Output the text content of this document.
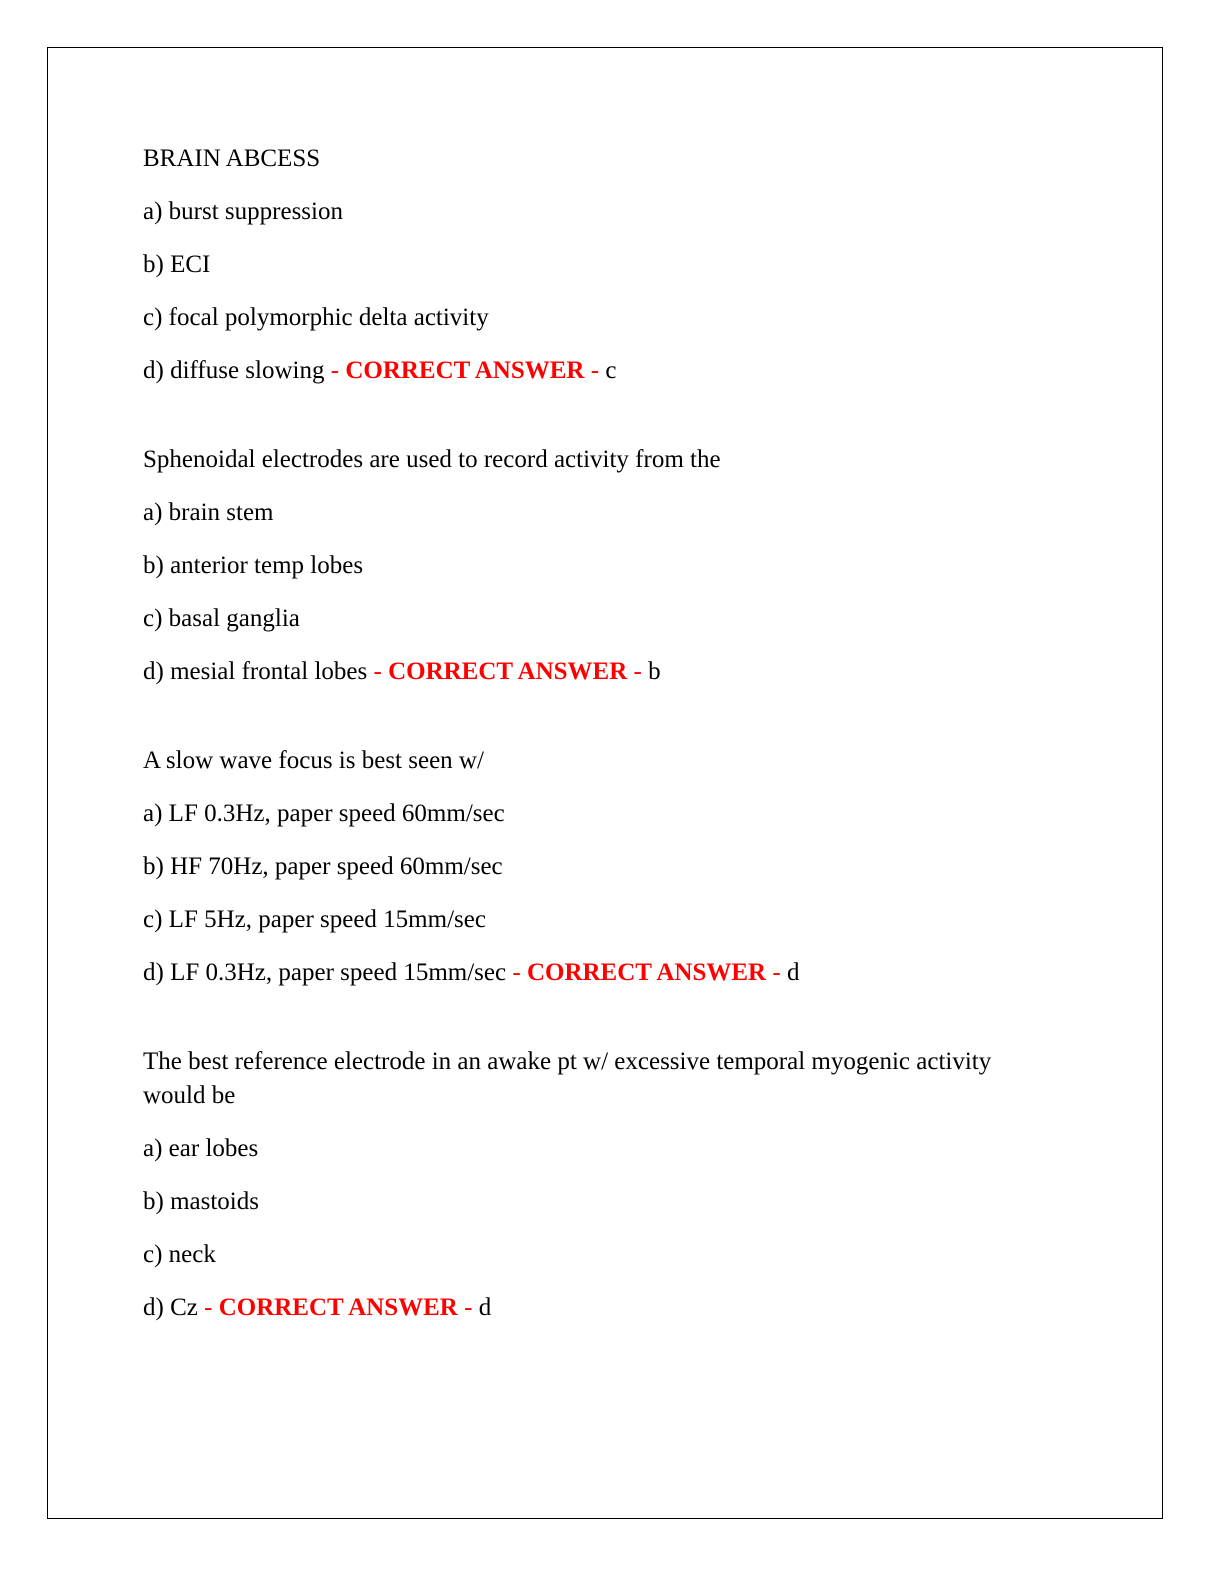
BRAIN ABCESS

a) burst suppression

b) ECI

c) focal polymorphic delta activity

d) diffuse slowing - CORRECT ANSWER - c

Sphenoidal electrodes are used to record activity from the

a) brain stem

b) anterior temp lobes

c) basal ganglia

d) mesial frontal lobes - CORRECT ANSWER - b

A slow wave focus is best seen w/

a) LF 0.3Hz, paper speed 60mm/sec

b) HF 70Hz, paper speed 60mm/sec

c) LF 5Hz, paper speed 15mm/sec

d) LF 0.3Hz, paper speed 15mm/sec - CORRECT ANSWER - d

The best reference electrode in an awake pt w/ excessive temporal myogenic activity would be

a) ear lobes

b) mastoids

c) neck

d) Cz - CORRECT ANSWER - d
